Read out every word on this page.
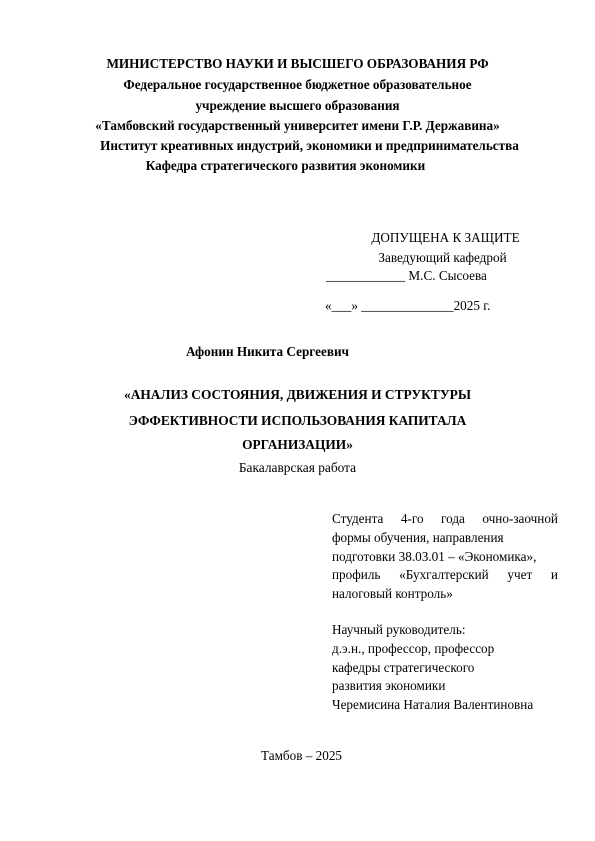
МИНИСТЕРСТВО НАУКИ И ВЫСШЕГО ОБРАЗОВАНИЯ РФ
Федеральное государственное бюджетное образовательное
учреждение высшего образования
«Тамбовский государственный университет имени Г.Р. Державина»
Институт креативных индустрий, экономики и предпринимательства
Кафедра стратегического развития экономики
ДОПУЩЕНА К ЗАЩИТЕ
Заведующий кафедрой
____________ М.С. Сысоева
«___» ______________2025 г.
Афонин Никита Сергеевич
«АНАЛИЗ СОСТОЯНИЯ, ДВИЖЕНИЯ И СТРУКТУРЫ
ЭФФЕКТИВНОСТИ ИСПОЛЬЗОВАНИЯ КАПИТАЛА
ОРГАНИЗАЦИИ»
Бакалаврская работа
Студента 4-го года очно-заочной
формы обучения, направления
подготовки 38.03.01 – «Экономика»,
профиль «Бухгалтерский учет и
налоговый контроль»
Научный руководитель:
д.э.н., профессор, профессор
кафедры стратегического
развития экономики
Черемисина Наталия Валентиновна
Тамбов – 2025
